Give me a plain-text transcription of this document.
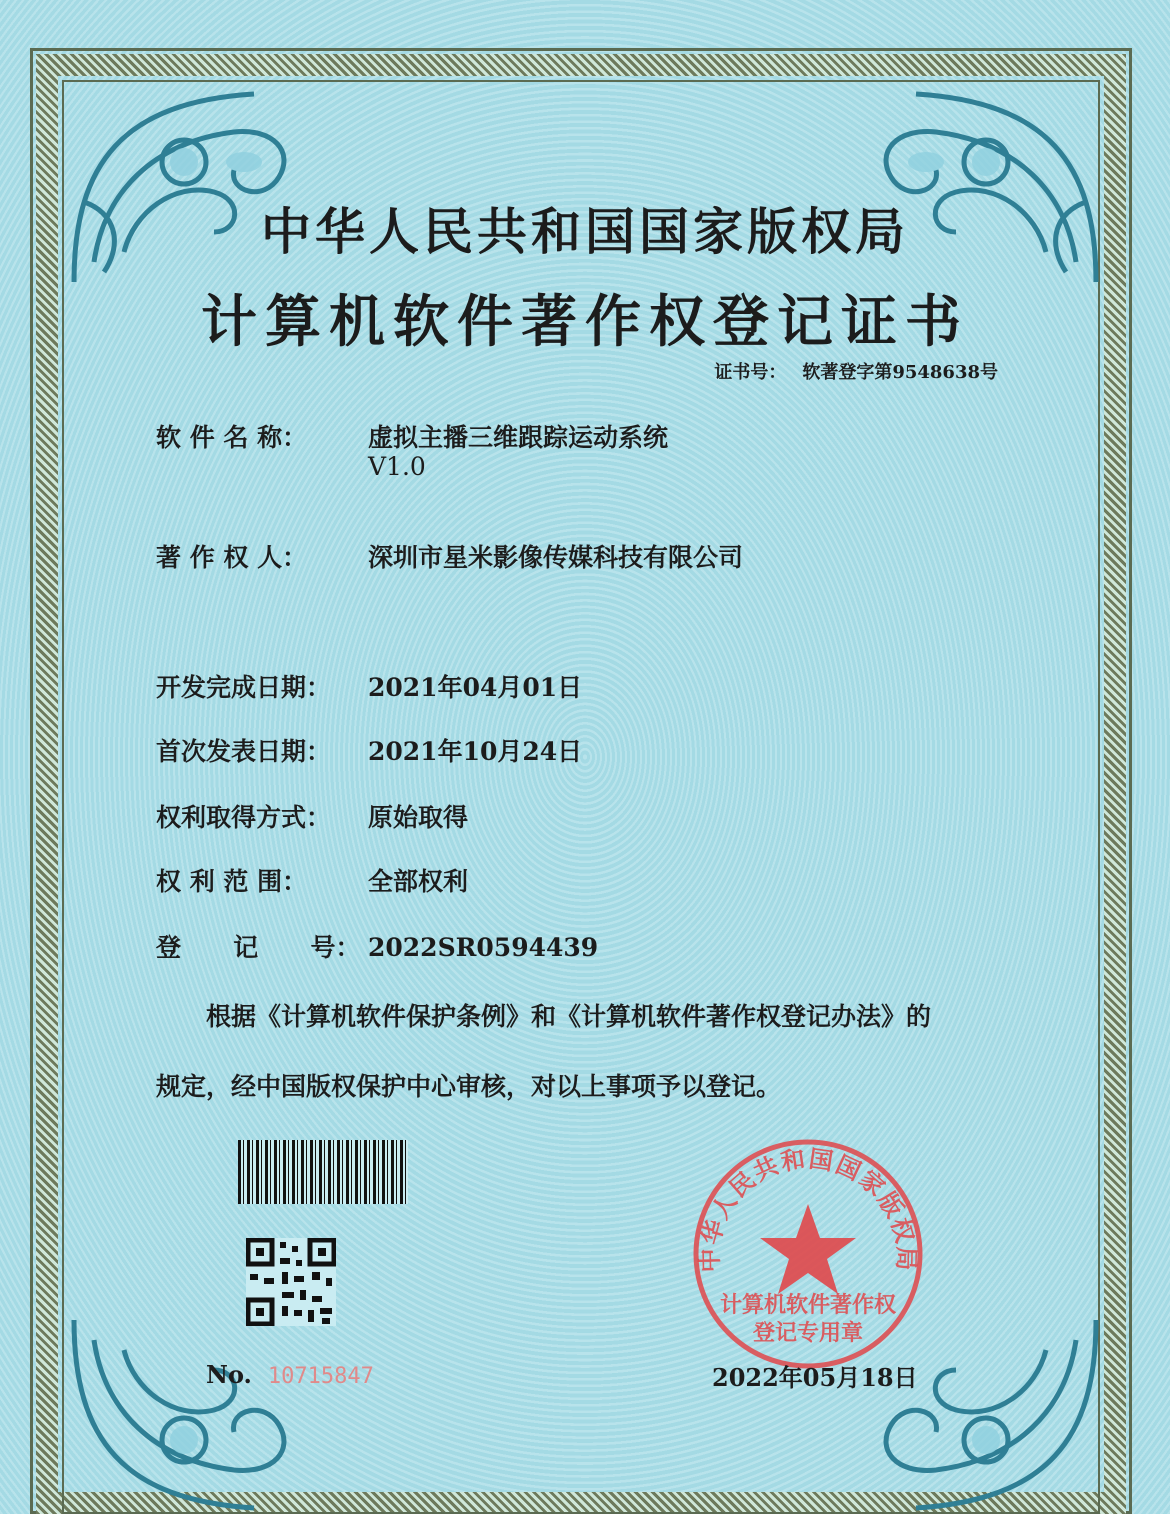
中华人民共和国国家版权局
计算机软件著作权登记证书
证书号： 软著登字第9548638号
软 件 名 称： 虚拟主播三维跟踪运动系统
V1.0
著 作 权 人： 深圳市星米影像传媒科技有限公司
开发完成日期： 2021年04月01日
首次发表日期： 2021年10月24日
权利取得方式： 原始取得
权 利 范 围： 全部权利
登      记      号： 2022SR0594439
根据《计算机软件保护条例》和《计算机软件著作权登记办法》的
规定，经中国版权保护中心审核，对以上事项予以登记。
No. 10715847
中华人民共和国国家版权局
计算机软件著作权
登记专用章
2022年05月18日
